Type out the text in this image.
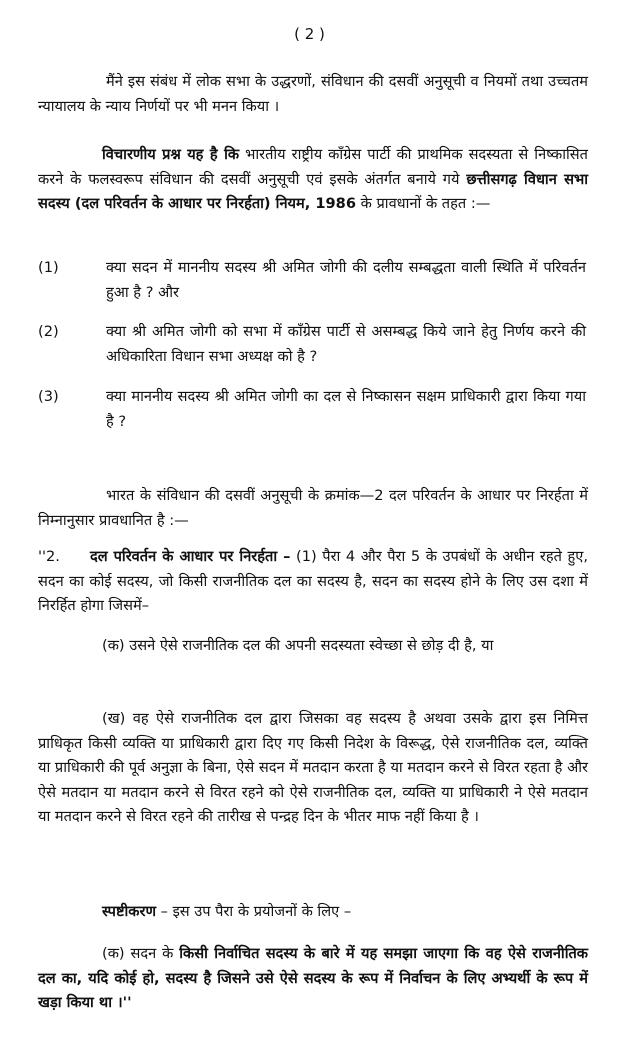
( 2 )
मैंने इस संबंध में लोक सभा के उद्धरणों, संविधान की दसवीं अनुसूची व नियमों तथा उच्चतम न्यायालय के न्याय निर्णयों पर भी मनन किया ।
विचारणीय प्रश्न यह है कि भारतीय राष्ट्रीय कॉंग्रेस पार्टी की प्राथमिक सदस्यता से निष्कासित करने के फलस्वरूप संविधान की दसवीं अनुसूची एवं इसके अंतर्गत बनाये गये छत्तीसगढ़ विधान सभा सदस्य (दल परिवर्तन के आधार पर निरर्हता) नियम, 1986 के प्रावधानों के तहत :—
(1)	क्या सदन में माननीय सदस्य श्री अमित जोगी की दलीय सम्बद्धता वाली स्थिति में परिवर्तन हुआ है ? और
(2)	क्या श्री अमित जोगी को सभा में कॉंग्रेस पार्टी से असम्बद्ध किये जाने हेतु निर्णय करने की अधिकारिता विधान सभा अध्यक्ष को है ?
(3)	क्या माननीय सदस्य श्री अमित जोगी का दल से निष्कासन सक्षम प्राधिकारी द्वारा किया गया है ?
भारत के संविधान की दसवीं अनुसूची के क्रमांक—2 दल परिवर्तन के आधार पर निरर्हता में निम्नानुसार प्रावधानित है :—
''2. दल परिवर्तन के आधार पर निरर्हता – (1) पैरा 4 और पैरा 5 के उपबंधों के अधीन रहते हुए, सदन का कोई सदस्य, जो किसी राजनीतिक दल का सदस्य है, सदन का सदस्य होने के लिए उस दशा में निरर्हित होगा जिसमें–
(क) उसने ऐसे राजनीतिक दल की अपनी सदस्यता स्वेच्छा से छोड़ दी है, या
(ख) वह ऐसे राजनीतिक दल द्वारा जिसका वह सदस्य है अथवा उसके द्वारा इस निमित्त प्राधिकृत किसी व्यक्ति या प्राधिकारी द्वारा दिए गए किसी निदेश के विरूद्ध, ऐसे राजनीतिक दल, व्यक्ति या प्राधिकारी की पूर्व अनुज्ञा के बिना, ऐसे सदन में मतदान करता है या मतदान करने से विरत रहता है और ऐसे मतदान या मतदान करने से विरत रहने को ऐसे राजनीतिक दल, व्यक्ति या प्राधिकारी ने ऐसे मतदान या मतदान करने से विरत रहने की तारीख से पन्द्रह दिन के भीतर माफ नहीं किया है ।
स्पष्टीकरण – इस उप पैरा के प्रयोजनों के लिए –
(क) सदन के किसी निर्वाचित सदस्य के बारे में यह समझा जाएगा कि वह ऐसे राजनीतिक दल का, यदि कोई हो, सदस्य है जिसने उसे ऐसे सदस्य के रूप में निर्वाचन के लिए अभ्यर्थी के रूप में खड़ा किया था ।''
